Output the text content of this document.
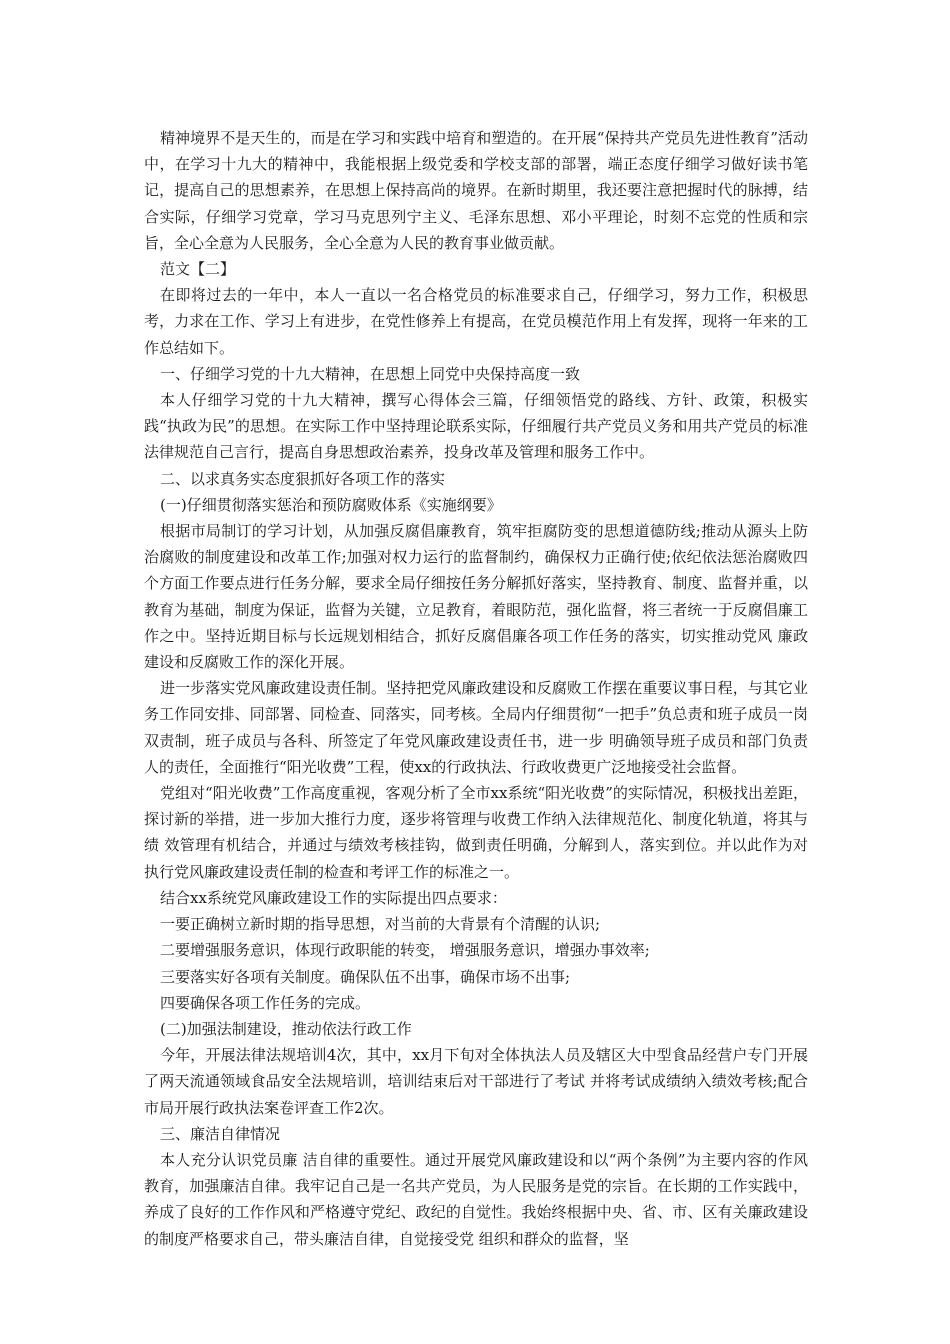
精神境界不是天生的，而是在学习和实践中培育和塑造的。在开展“保持共产党员先进性教育”活动中，在学习十九大的精神中，我能根据上级党委和学校支部的部署，端正态度仔细学习做好读书笔记，提高自己的思想素养，在思想上保持高尚的境界。在新时期里，我还要注意把握时代的脉搏，结合实际，仔细学习党章，学习马克思列宁主义、毛泽东思想、邓小平理论，时刻不忘党的性质和宗旨，全心全意为人民服务，全心全意为人民的教育事业做贡献。

范文【二】

在即将过去的一年中，本人一直以一名合格党员的标准要求自己，仔细学习，努力工作，积极思考，力求在工作、学习上有进步，在党性修养上有提高，在党员模范作用上有发挥，现将一年来的工作总结如下。

一、仔细学习党的十九大精神，在思想上同党中央保持高度一致

本人仔细学习党的十九大精神，撰写心得体会三篇，仔细领悟党的路线、方针、政策，积极实践“执政为民”的思想。在实际工作中坚持理论联系实际，仔细履行共产党员义务和用共产党员的标准法律规范自己言行，提高自身思想政治素养，投身改革及管理和服务工作中。

二、以求真务实态度狠抓好各项工作的落实

(一)仔细贯彻落实惩治和预防腐败体系《实施纲要》

根据市局制订的学习计划，从加强反腐倡廉教育，筑牢拒腐防变的思想道德防线;推动从源头上防治腐败的制度建设和改革工作;加强对权力运行的监督制约，确保权力正确行使;依纪依法惩治腐败四个方面工作要点进行任务分解，要求全局仔细按任务分解抓好落实，坚持教育、制度、监督并重，以教育为基础，制度为保证，监督为关键，立足教育，着眼防范，强化监督，将三者统一于反腐倡廉工作之中。坚持近期目标与长远规划相结合，抓好反腐倡廉各项工作任务的落实，切实推动党风 廉政建设和反腐败工作的深化开展。

进一步落实党风廉政建设责任制。坚持把党风廉政建设和反腐败工作摆在重要议事日程，与其它业务工作同安排、同部署、同检查、同落实，同考核。全局内仔细贯彻“一把手”负总责和班子成员一岗双责制，班子成员与各科、所签定了年党风廉政建设责任书，进一步 明确领导班子成员和部门负责人的责任，全面推行“阳光收费”工程，使xx的行政执法、行政收费更广泛地接受社会监督。

党组对“阳光收费”工作高度重视，客观分析了全市xx系统“阳光收费”的实际情况，积极找出差距，探讨新的举措，进一步加大推行力度，逐步将管理与收费工作纳入法律规范化、制度化轨道，将其与绩 效管理有机结合，并通过与绩效考核挂钩，做到责任明确，分解到人，落实到位。并以此作为对执行党风廉政建设责任制的检查和考评工作的标准之一。

结合xx系统党风廉政建设工作的实际提出四点要求：

一要正确树立新时期的指导思想，对当前的大背景有个清醒的认识;

二要增强服务意识，体现行政职能的转变， 增强服务意识，增强办事效率;

三要落实好各项有关制度。确保队伍不出事，确保市场不出事;

四要确保各项工作任务的完成。

(二)加强法制建设，推动依法行政工作

今年，开展法律法规培训4次，其中，xx月下旬对全体执法人员及辖区大中型食品经营户专门开展了两天流通领域食品安全法规培训，培训结束后对干部进行了考试 并将考试成绩纳入绩效考核;配合市局开展行政执法案卷评查工作2次。

三、廉洁自律情况

本人充分认识党员廉 洁自律的重要性。通过开展党风廉政建设和以“两个条例”为主要内容的作风教育，加强廉洁自律。我牢记自己是一名共产党员，为人民服务是党的宗旨。在长期的工作实践中，养成了良好的工作作风和严格遵守党纪、政纪的自觉性。我始终根据中央、省、市、区有关廉政建设的制度严格要求自己，带头廉洁自律，自觉接受党 组织和群众的监督，坚
